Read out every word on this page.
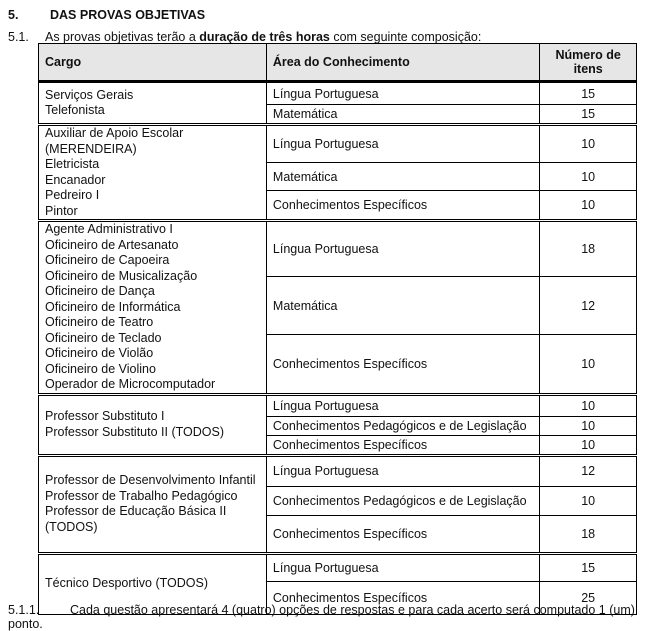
5.	DAS PROVAS OBJETIVAS
5.1. As provas objetivas terão a duração de três horas com seguinte composição:
Cargo	Área do Conhecimento	Número de itens

Serviços Gerais
Telefonista	Língua Portuguesa	15
	Matemática	15

Auxiliar de Apoio Escolar (MERENDEIRA)
Eletricista
Encanador
Pedreiro I
Pintor	Língua Portuguesa	10
	Matemática	10
	Conhecimentos Específicos	10

Agente Administrativo I
Oficineiro de Artesanato
Oficineiro de Capoeira
Oficineiro de Musicalização
Oficineiro de Dança
Oficineiro de Informática
Oficineiro de Teatro
Oficineiro de Teclado
Oficineiro de Violão
Oficineiro de Violino
Operador de Microcomputador
	Língua Portuguesa	18
	Matemática	12
	Conhecimentos Específicos	10

Professor Substituto I
Professor Substituto II (TODOS)	Língua Portuguesa	10
	Conhecimentos Pedagógicos e de Legislação	10
	Conhecimentos Específicos	10

Professor de Desenvolvimento Infantil
Professor de Trabalho Pedagógico
Professor de Educação Básica II (TODOS)	Língua Portuguesa	12
	Conhecimentos Pedagógicos e de Legislação	10
	Conhecimentos Específicos	18

Técnico Desportivo (TODOS)	Língua Portuguesa	15
	Conhecimentos Específicos	25
5.1.1. Cada questão apresentará 4 (quatro) opções de respostas e para cada acerto será computado 1 (um) ponto.
